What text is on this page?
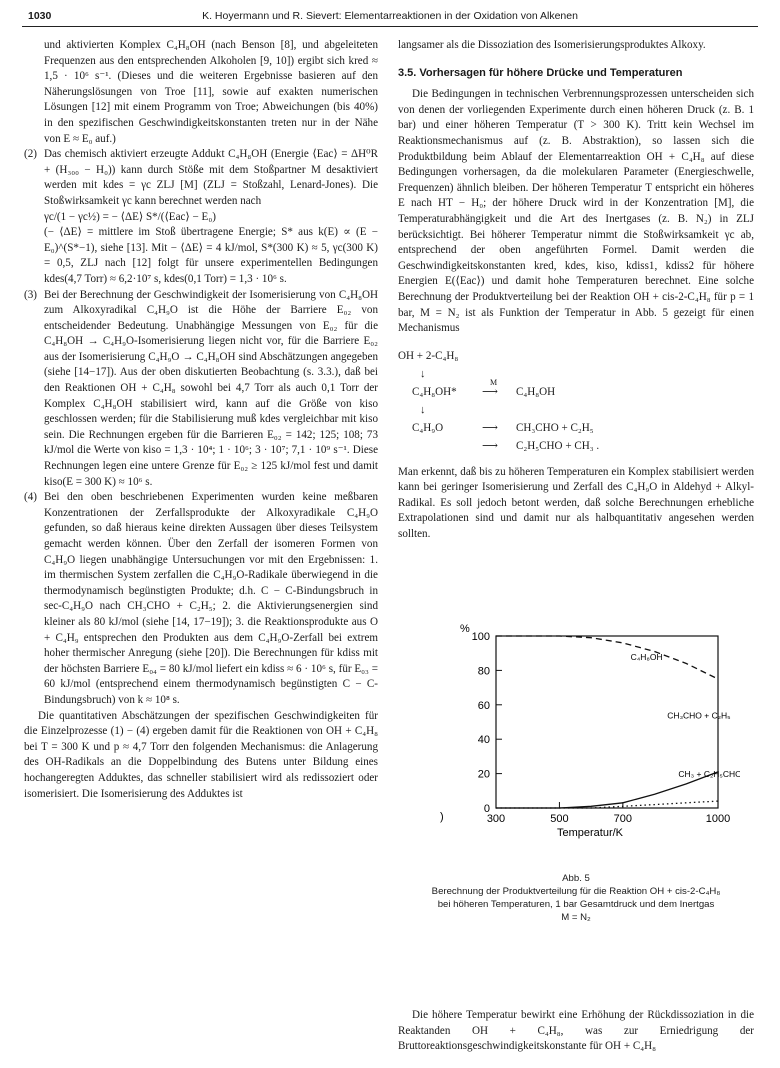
1030	K. Hoyermann und R. Sievert: Elementarreaktionen in der Oxidation von Alkenen

und aktivierten Komplex C₄H₈OH (nach Benson [8], und abgeleiteten Frequenzen aus den entsprechenden Alkoholen [9, 10]) ergibt sich kred ≈ 1,5 · 10⁶ s⁻¹. (Dieses und die weiteren Ergebnisse basieren auf den Näherungslösungen von Troe [11], sowie auf exakten numerischen Lösungen [12] mit einem Programm von Troe; Abweichungen (bis 40%) in den spezifischen Geschwindigkeitskonstanten treten nur in der Nähe von E ≈ E₀ auf.)

(2) Das chemisch aktiviert erzeugte Addukt C₄H₈OH (Energie ⟨Eac⟩ = ΔH⁰R + (H₃₀₀ − H₀)) kann durch Stöße mit dem Stoßpartner M desaktiviert werden mit kdes = γc ZLJ [M] (ZLJ = Stoßzahl, Lenard-Jones). Die Stoßwirksamkeit γc kann berechnet werden nach

γc/(1 − γc½) = − ⟨ΔE⟩ S*/(⟨Eac⟩ − E₀)

(− ⟨ΔE⟩ = mittlere im Stoß übertragene Energie; S* aus k(E) ∝ (E − E₀)^(S*−1), siehe [13]. Mit − ⟨ΔE⟩ = 4 kJ/mol, S*(300 K) ≈ 5, γc(300 K) = 0,5, ZLJ nach [12] folgt für unsere experimentellen Bedingungen kdes(4,7 Torr) ≈ 6,2·10⁷ s, kdes(0,1 Torr) = 1,3 · 10⁶ s.

(3) Bei der Berechnung der Geschwindigkeit der Isomerisierung von C₄H₈OH zum Alkoxyradikal C₄H₉O ist die Höhe der Barriere E₀₂ von entscheidender Bedeutung. Unabhängige Messungen von E₀₂ für die C₄H₈OH → C₄H₉O-Isomerisierung liegen nicht vor, für die Barriere E₀₂ aus der Isomerisierung C₄H₉O → C₄H₈OH sind Abschätzungen angegeben (siehe [14−17]). Aus der oben diskutierten Beobachtung (s. 3.3.), daß bei den Reaktionen OH + C₄H₈ sowohl bei 4,7 Torr als auch 0,1 Torr der Komplex C₄H₈OH stabilisiert wird, kann auf die Größe von kiso geschlossen werden; für die Stabilisierung muß kdes vergleichbar mit kiso sein. Die Rechnungen ergeben für die Barrieren E₀₂ = 142; 125; 108; 73 kJ/mol die Werte von kiso = 1,3 · 10⁴; 1 · 10⁶; 3 · 10⁷; 7,1 · 10⁹ s⁻¹. Diese Rechnungen legen eine untere Grenze für E₀₂ ≥ 125 kJ/mol fest und damit kiso(E = 300 K) ≈ 10⁶ s.

(4) Bei den oben beschriebenen Experimenten wurden keine meßbaren Konzentrationen der Zerfallsprodukte der Alkoxyradikale C₄H₉O gefunden, so daß hieraus keine direkten Aussagen über dieses Teilsystem gemacht werden können. Über den Zerfall der isomeren Formen von C₄H₉O liegen unabhängige Untersuchungen vor mit den Ergebnissen: 1. im thermischen System zerfallen die C₄H₉O-Radikale überwiegend in die thermodynamisch begünstigten Produkte; d.h. C − C-Bindungsbruch in sec-C₄H₉O nach CH₃CHO + C₂H₅; 2. die Aktivierungsenergien sind kleiner als 80 kJ/mol (siehe [14, 17−19]); 3. die Reaktionsprodukte aus O + C₄H₉ entsprechen den Produkten aus dem C₄H₉O-Zerfall bei extrem hoher thermischer Anregung (siehe [20]). Die Berechnungen für kdiss mit der höchsten Barriere E₀₄ = 80 kJ/mol liefert ein kdiss ≈ 6 · 10⁶ s, für E₀₃ = 60 kJ/mol (entsprechend einem thermodynamisch begünstigten C − C-Bindungsbruch) von k ≈ 10⁸ s.

Die quantitativen Abschätzungen der spezifischen Geschwindigkeiten für die Einzelprozesse (1) − (4) ergeben damit für die Reaktionen von OH + C₄H₈ bei T = 300 K und p ≈ 4,7 Torr den folgenden Mechanismus: die Anlagerung des OH-Radikals an die Doppelbindung des Butens unter Bildung eines hochangeregten Adduktes, das schneller stabilisiert wird als redissoziert oder isomerisiert. Die Isomerisierung des Adduktes ist

langsamer als die Dissoziation des Isomerisierungsproduktes Alkoxy.

3.5. Vorhersagen für höhere Drücke und Temperaturen

Die Bedingungen in technischen Verbrennungsprozessen unterscheiden sich von denen der vorliegenden Experimente durch einen höheren Druck (z. B. 1 bar) und einer höheren Temperatur (T > 300 K). Tritt kein Wechsel im Reaktionsmechanismus auf (z. B. Abstraktion), so lassen sich die Produktbildung beim Ablauf der Elementarreaktion OH + C₄H₈ auf diese Bedingungen vorhersagen, da die molekularen Parameter (Energieschwelle, Frequenzen) ähnlich bleiben. Der höheren Temperatur T entspricht ein höheres E nach HT − H₀; der höhere Druck wird in der Konzentration [M], die Temperaturabhängigkeit und die Art des Inertgases (z. B. N₂) in ZLJ berücksichtigt. Bei höherer Temperatur nimmt die Stoßwirksamkeit γc ab, entsprechend der oben angeführten Formel. Damit werden die Geschwindigkeitskonstanten kred, kdes, kiso, kdiss1, kdiss2 für höhere Energien E(⟨Eac⟩) und damit hohe Temperaturen berechnet. Eine solche Berechnung der Produktverteilung bei der Reaktion OH + cis-2-C₄H₈ für p = 1 bar, M = N₂ ist als Funktion der Temperatur in Abb. 5 gezeigt für einen Mechanismus

OH + 2-C₄H₈
↓
C₄H₈OH*
M
⟶ C₄H₈OH
↓
C₄H₉O	⟶ CH₃CHO + C₂H₅
⟶ C₂H₅CHO + CH₃ .

Man erkennt, daß bis zu höheren Temperaturen ein Komplex stabilisiert werden kann bei geringer Isomerisierung und Zerfall des C₄H₉O in Aldehyd + Alkyl-Radikal. Es soll jedoch betont werden, daß solche Berechnungen erhebliche Extrapolationen sind und damit nur als halbquantitativ angesehen werden sollten.

%
Temperatur/K
)
0
20
40
60
80
100
300	500	700	1000
C₄H₈OH
CH₃CHO + C₂H₅
CH₃ + C₂H₅CHO
Abb. 5
Berechnung der Produktverteilung für die Reaktion OH + cis-2-C₄H₈
bei höheren Temperaturen, 1 bar Gesamtdruck und dem Inertgas
M = N₂

Die höhere Temperatur bewirkt eine Erhöhung der Rückdissoziation in die Reaktanden OH + C₄H₈, was zur Erniedrigung der Bruttoreaktionsgeschwindigkeitskonstante für OH + C₄H₈
